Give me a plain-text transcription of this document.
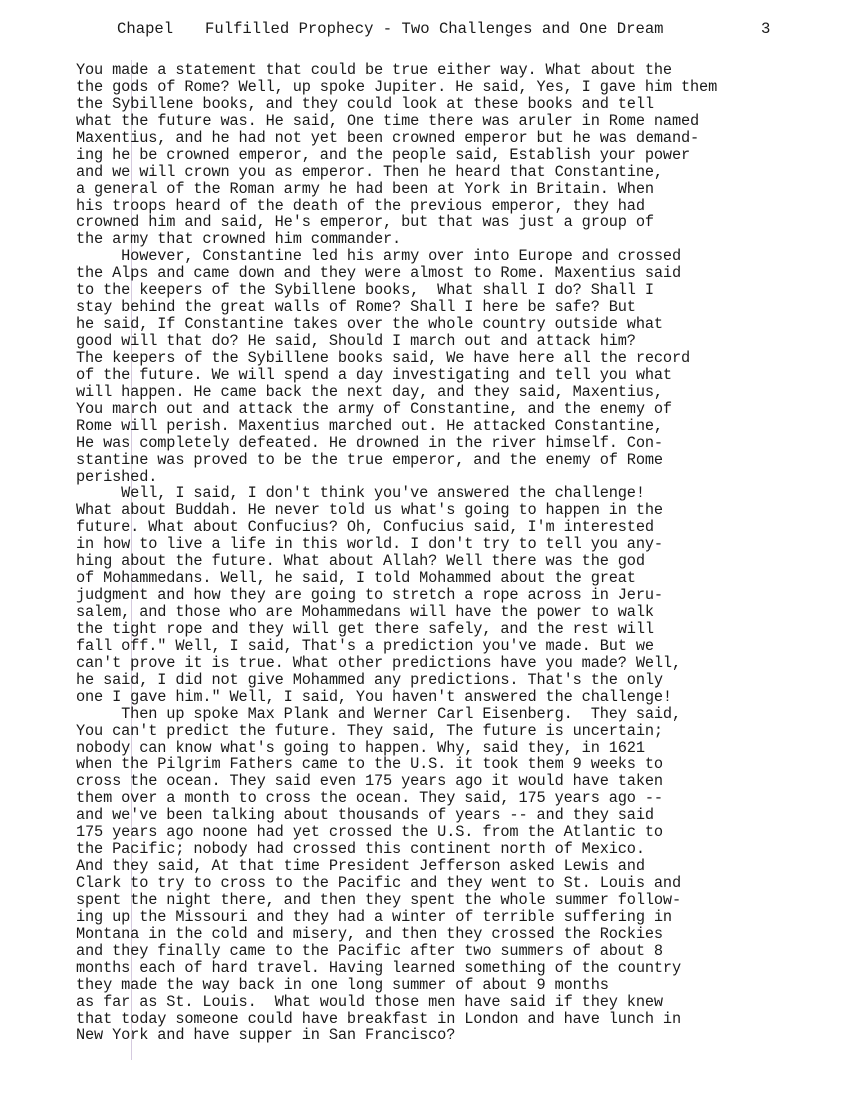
Chapel

Fulfilled Prophecy - Two Challenges and One Dream

	3

You made a statement that could be true either way. What about the
the gods of Rome? Well, up spoke Jupiter. He said, Yes, I gave him them
the Sybillene books, and they could look at these books and tell
what the future was. He said, One time there was aruler in Rome named
Maxentius, and he had not yet been crowned emperor but he was demand-
ing he be crowned emperor, and the people said, Establish your power
and we will crown you as emperor. Then he heard that Constantine,
a general of the Roman army he had been at York in Britain. When
his troops heard of the death of the previous emperor, they had
crowned him and said, He's emperor, but that was just a group of
the army that crowned him commander.
However, Constantine led his army over into Europe and crossed
the Alps and came down and they were almost to Rome. Maxentius said
to the keepers of the Sybillene books,  What shall I do? Shall I
stay behind the great walls of Rome? Shall I here be safe? But
he said, If Constantine takes over the whole country outside what
good will that do? He said, Should I march out and attack him?
The keepers of the Sybillene books said, We have here all the record
of the future. We will spend a day investigating and tell you what
will happen. He came back the next day, and they said, Maxentius,
You march out and attack the army of Constantine, and the enemy of
Rome will perish. Maxentius marched out. He attacked Constantine,
He was completely defeated. He drowned in the river himself. Con-
stantine was proved to be the true emperor, and the enemy of Rome
perished.
Well, I said, I don't think you've answered the challenge!
What about Buddah. He never told us what's going to happen in the
future. What about Confucius? Oh, Confucius said, I'm interested
in how to live a life in this world. I don't try to tell you any-
hing about the future. What about Allah? Well there was the god
of Mohammedans. Well, he said, I told Mohammed about the great
judgment and how they are going to stretch a rope across in Jeru-
salem, and those who are Mohammedans will have the power to walk
the tight rope and they will get there safely, and the rest will
fall off." Well, I said, That's a prediction you've made. But we
can't prove it is true. What other predictions have you made? Well,
he said, I did not give Mohammed any predictions. That's the only
one I gave him." Well, I said, You haven't answered the challenge!
Then up spoke Max Plank and Werner Carl Eisenberg.  They said,
You can't predict the future. They said, The future is uncertain;
nobody can know what's going to happen. Why, said they, in 1621
when the Pilgrim Fathers came to the U.S. it took them 9 weeks to
cross the ocean. They said even 175 years ago it would have taken
them over a month to cross the ocean. They said, 175 years ago --
and we've been talking about thousands of years -- and they said
175 years ago noone had yet crossed the U.S. from the Atlantic to
the Pacific; nobody had crossed this continent north of Mexico.
And they said, At that time President Jefferson asked Lewis and
Clark to try to cross to the Pacific and they went to St. Louis and
spent the night there, and then they spent the whole summer follow-
ing up the Missouri and they had a winter of terrible suffering in
Montana in the cold and misery, and then they crossed the Rockies
and they finally came to the Pacific after two summers of about 8
months each of hard travel. Having learned something of the country
they made the way back in one long summer of about 9 months
as far as St. Louis.  What would those men have said if they knew
that today someone could have breakfast in London and have lunch in
New York and have supper in San Francisco?
